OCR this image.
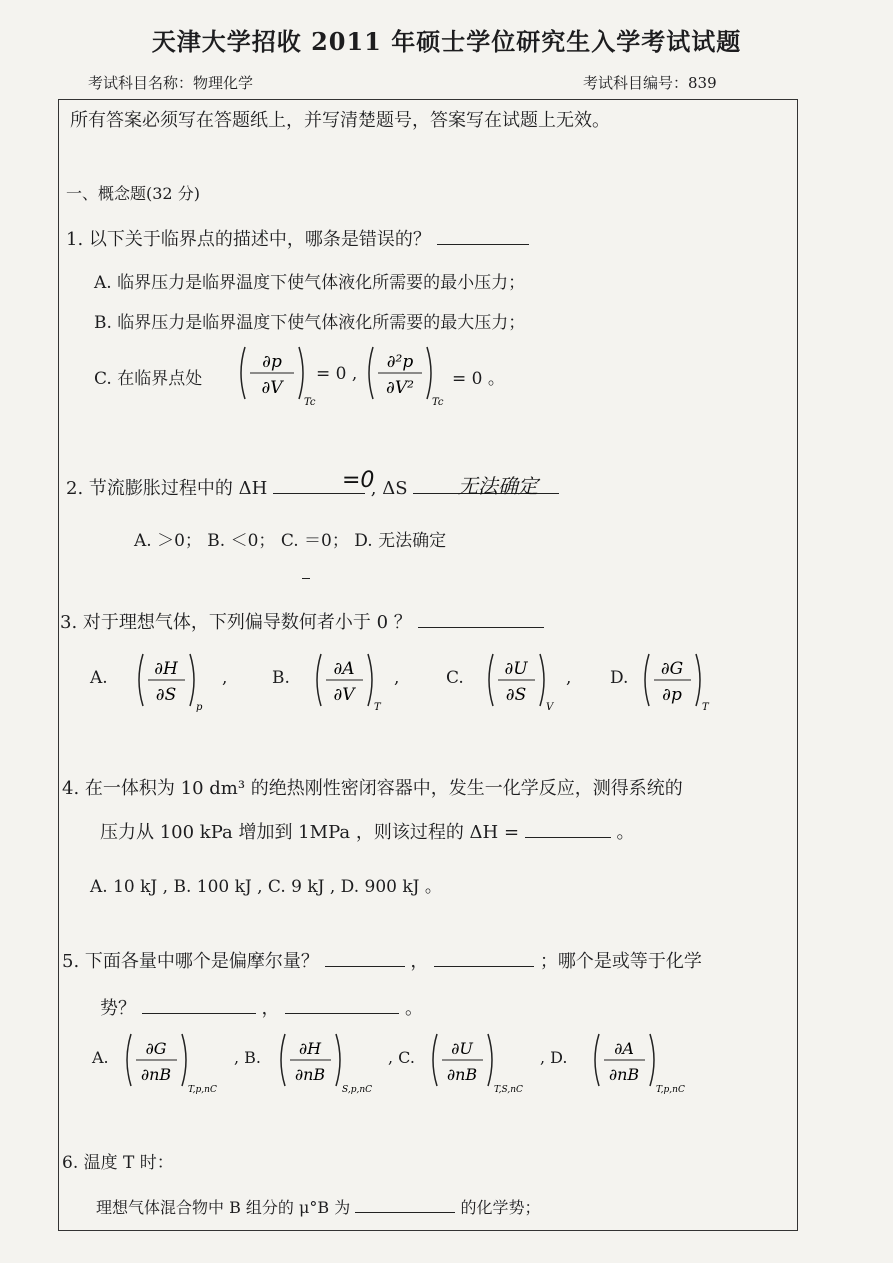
天津大学招收 2011 年硕士学位研究生入学考试试题
考试科目名称：物理化学	考试科目编号：839
所有答案必须写在答题纸上，并写清楚题号，答案写在试题上无效。
一、概念题(32 分)
1. 以下关于临界点的描述中，哪条是错误的？
A. 临界压力是临界温度下使气体液化所需要的最小压力；
B. 临界压力是临界温度下使气体液化所需要的最大压力；
C. 在临界点处
∂p
∂V
Tc
= 0 ,
∂²p
∂V²
Tc
= 0 。
2. 节流膨胀过程中的 ΔH	, ΔS
=0	无法确定
A. ＞0； B. ＜0； C. ＝0； D. 无法确定
3. 对于理想气体，下列偏导数何者小于 0 ？
A.	∂H
∂S
p
,	B.	∂A
∂V
T
,	C. ∂U
∂S
V
, D. ∂G
∂p
T
4. 在一体积为 10 dm³ 的绝热刚性密闭容器中，发生一化学反应，测得系统的
压力从 100 kPa 增加到 1MPa ，则该过程的 ΔH =	。
A. 10 kJ , B. 100 kJ , C. 9 kJ , D. 900 kJ 。
5. 下面各量中哪个是偏摩尔量？	，	；哪个是或等于化学
势？	，	。
A. ∂G
∂nB
T,p,nC
, B. ∂H
∂nB
S,p,nC
, C. ∂U
∂nB
T,S,nC
, D.	∂A
∂nB
T,p,nC
6. 温度 T 时：
理想气体混合物中 B 组分的 μ°B 为	的化学势；
